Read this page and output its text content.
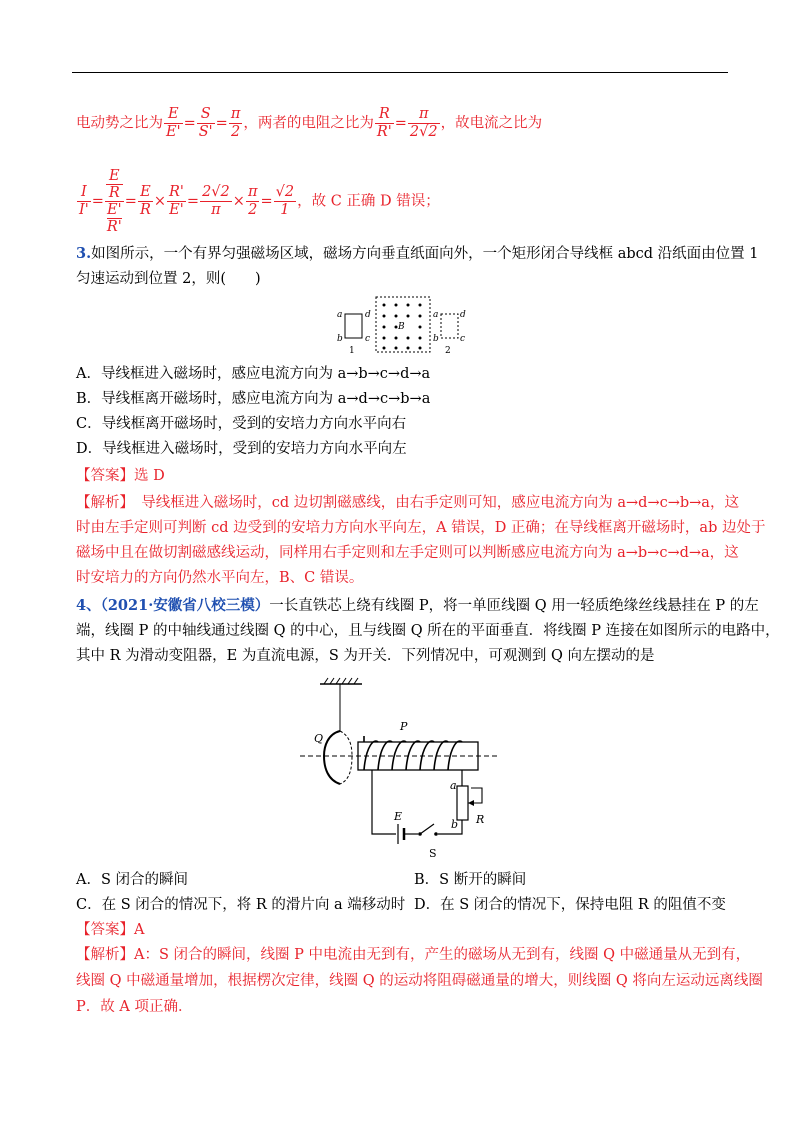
电动势之比为 $\frac{E}{E'} = \frac{S}{S'} = \frac{\pi}{2}$ ，两者的电阻之比为 $\frac{R}{R'} = \frac{\pi}{2√2}$ ，故电流之比为
$\frac{I}{I'} = E$
R
E'
$R' = \frac{E}{R} \times \frac{R'}{E'} = \frac{2√2}{\pi} \times \frac{\pi}{2} = \frac{√2}{1}$ ，故 C 正确 D 错误；
3.如图所示，一个有界匀强磁场区域，磁场方向垂直纸面向外，一个矩形闭合导线框 abcd 沿纸面由位置 1
匀速运动到位置 2，则(　　)
a
b
d
c
1
B
a
b
d
c
2
A．导线框进入磁场时，感应电流方向为 a→b→c→d→a
B．导线框离开磁场时，感应电流方向为 a→d→c→b→a
C．导线框离开磁场时，受到的安培力方向水平向右
D．导线框进入磁场时，受到的安培力方向水平向左
【答案】选 D
【解析】　导线框进入磁场时，cd 边切割磁感线，由右手定则可知，感应电流方向为 a→d→c→b→a，这
时由左手定则可判断 cd 边受到的安培力方向水平向左，A 错误，D 正确；在导线框离开磁场时，ab 边处于
磁场中且在做切割磁感线运动，同样用右手定则和左手定则可以判断感应电流方向为 a→b→c→d→a，这
时安培力的方向仍然水平向左，B、C 错误。
4、（2021·安徽省八校三模）一长直铁芯上绕有线圈 P，将一单匝线圈 Q 用一轻质绝缘丝线悬挂在 P 的左
端，线圈 P 的中轴线通过线圈 Q 的中心，且与线圈 Q 所在的平面垂直．将线圈 P 连接在如图所示的电路中，
其中 R 为滑动变阻器，E 为直流电源，S 为开关．下列情况中，可观测到 Q 向左摆动的是
Q
P
a
b R
E
S
A．S 闭合的瞬间	B．S 断开的瞬间
C．在 S 闭合的情况下，将 R 的滑片向 a 端移动时 D．在 S 闭合的情况下，保持电阻 R 的阻值不变
【答案】A
【解析】A：S 闭合的瞬间，线圈 P 中电流由无到有，产生的磁场从无到有，线圈 Q 中磁通量从无到有，
线圈 Q 中磁通量增加，根据楞次定律，线圈 Q 的运动将阻碍磁通量的增大，则线圈 Q 将向左运动远离线圈
P．故 A 项正确．
